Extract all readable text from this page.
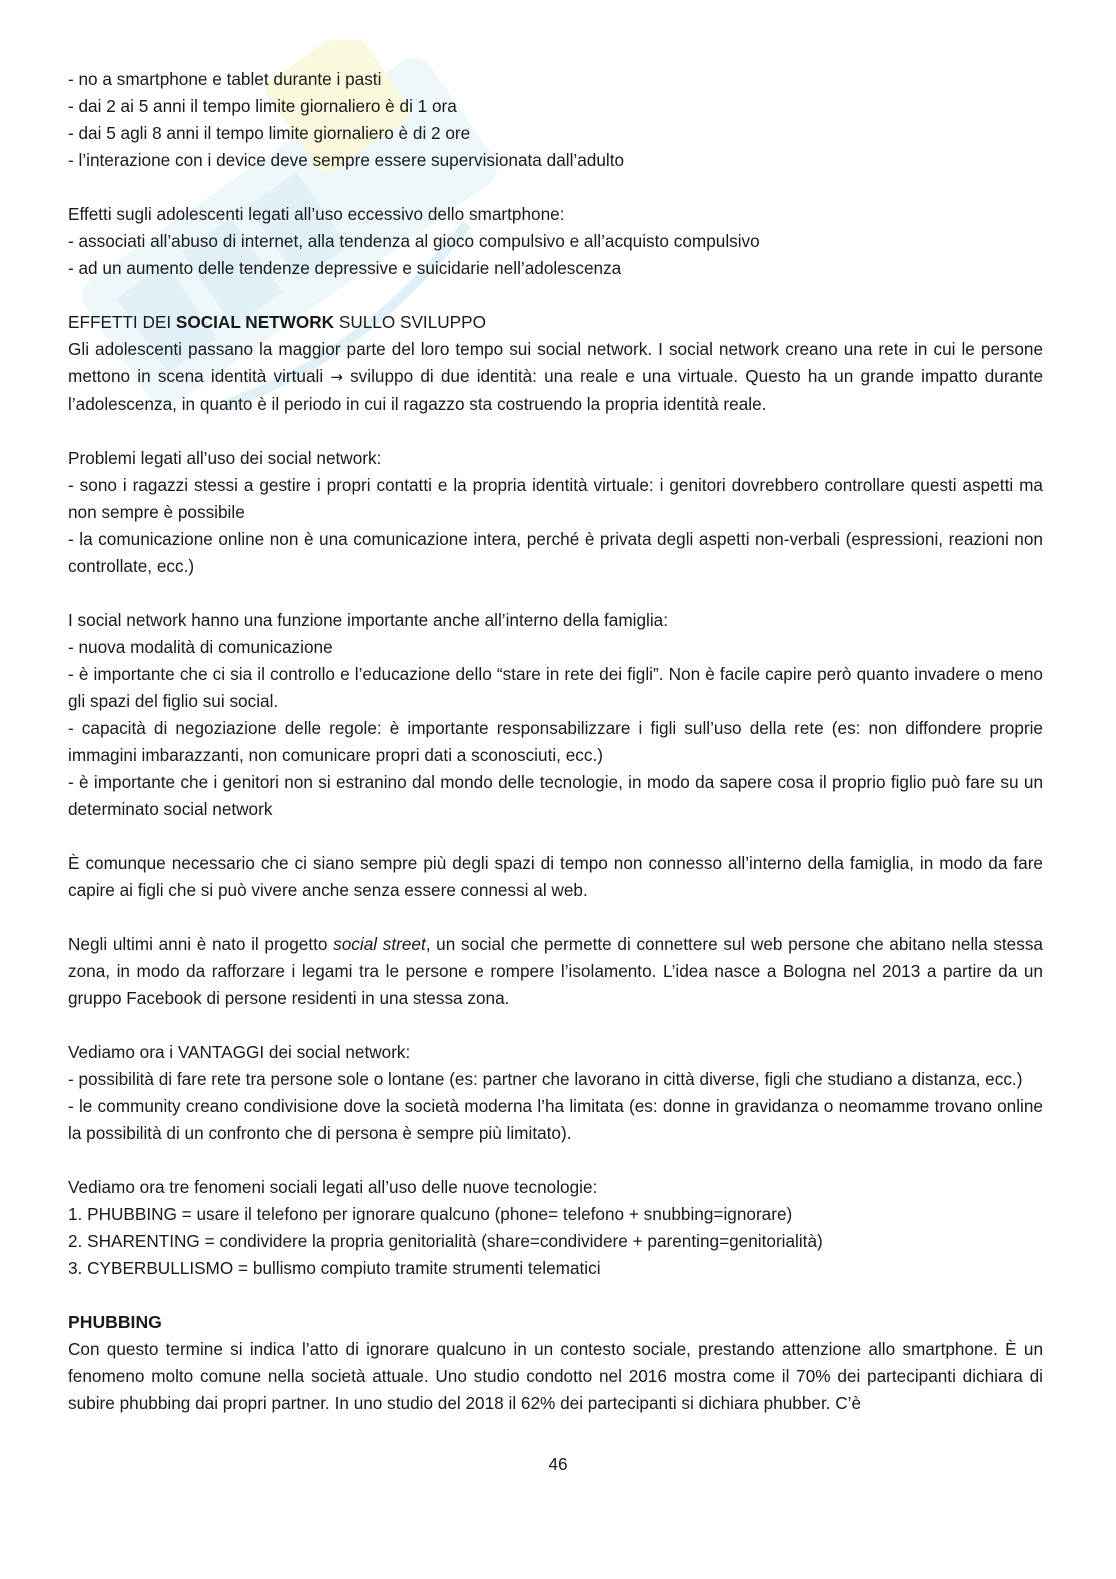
- no a smartphone e tablet durante i pasti
- dai 2 ai 5 anni il tempo limite giornaliero è di 1 ora
- dai 5 agli 8 anni il tempo limite giornaliero è di 2 ore
- l’interazione con i device deve sempre essere supervisionata dall’adulto
Effetti sugli adolescenti legati all’uso eccessivo dello smartphone:
- associati all’abuso di internet, alla tendenza al gioco compulsivo e all’acquisto compulsivo
- ad un aumento delle tendenze depressive e suicidarie nell’adolescenza
EFFETTI DEI SOCIAL NETWORK SULLO SVILUPPO
Gli adolescenti passano la maggior parte del loro tempo sui social network. I social network creano una rete in cui le persone mettono in scena identità virtuali → sviluppo di due identità: una reale e una virtuale. Questo ha un grande impatto durante l’adolescenza, in quanto è il periodo in cui il ragazzo sta costruendo la propria identità reale.
Problemi legati all’uso dei social network:
- sono i ragazzi stessi a gestire i propri contatti e la propria identità virtuale: i genitori dovrebbero controllare questi aspetti ma non sempre è possibile
- la comunicazione online non è una comunicazione intera, perché è privata degli aspetti non-verbali (espressioni, reazioni non controllate, ecc.)
I social network hanno una funzione importante anche all’interno della famiglia:
- nuova modalità di comunicazione
- è importante che ci sia il controllo e l’educazione dello “stare in rete dei figli”. Non è facile capire però quanto invadere o meno gli spazi del figlio sui social.
- capacità di negoziazione delle regole: è importante responsabilizzare i figli sull’uso della rete (es: non diffondere proprie immagini imbarazzanti, non comunicare propri dati a sconosciuti, ecc.)
- è importante che i genitori non si estranino dal mondo delle tecnologie, in modo da sapere cosa il proprio figlio può fare su un determinato social network
È comunque necessario che ci siano sempre più degli spazi di tempo non connesso all’interno della famiglia, in modo da fare capire ai figli che si può vivere anche senza essere connessi al web.
Negli ultimi anni è nato il progetto social street, un social che permette di connettere sul web persone che abitano nella stessa zona, in modo da rafforzare i legami tra le persone e rompere l’isolamento. L’idea nasce a Bologna nel 2013 a partire da un gruppo Facebook di persone residenti in una stessa zona.
Vediamo ora i VANTAGGI dei social network:
- possibilità di fare rete tra persone sole o lontane (es: partner che lavorano in città diverse, figli che studiano a distanza, ecc.)
- le community creano condivisione dove la società moderna l’ha limitata (es: donne in gravidanza o neomamme trovano online la possibilità di un confronto che di persona è sempre più limitato).
Vediamo ora tre fenomeni sociali legati all’uso delle nuove tecnologie:
1. PHUBBING = usare il telefono per ignorare qualcuno (phone= telefono + snubbing=ignorare)
2. SHARENTING = condividere la propria genitorialità (share=condividere + parenting=genitorialità)
3. CYBERBULLISMO = bullismo compiuto tramite strumenti telematici
PHUBBING
Con questo termine si indica l’atto di ignorare qualcuno in un contesto sociale, prestando attenzione allo smartphone. È un fenomeno molto comune nella società attuale. Uno studio condotto nel 2016 mostra come il 70% dei partecipanti dichiara di subire phubbing dai propri partner. In uno studio del 2018 il 62% dei partecipanti si dichiara phubber. C’è
46
